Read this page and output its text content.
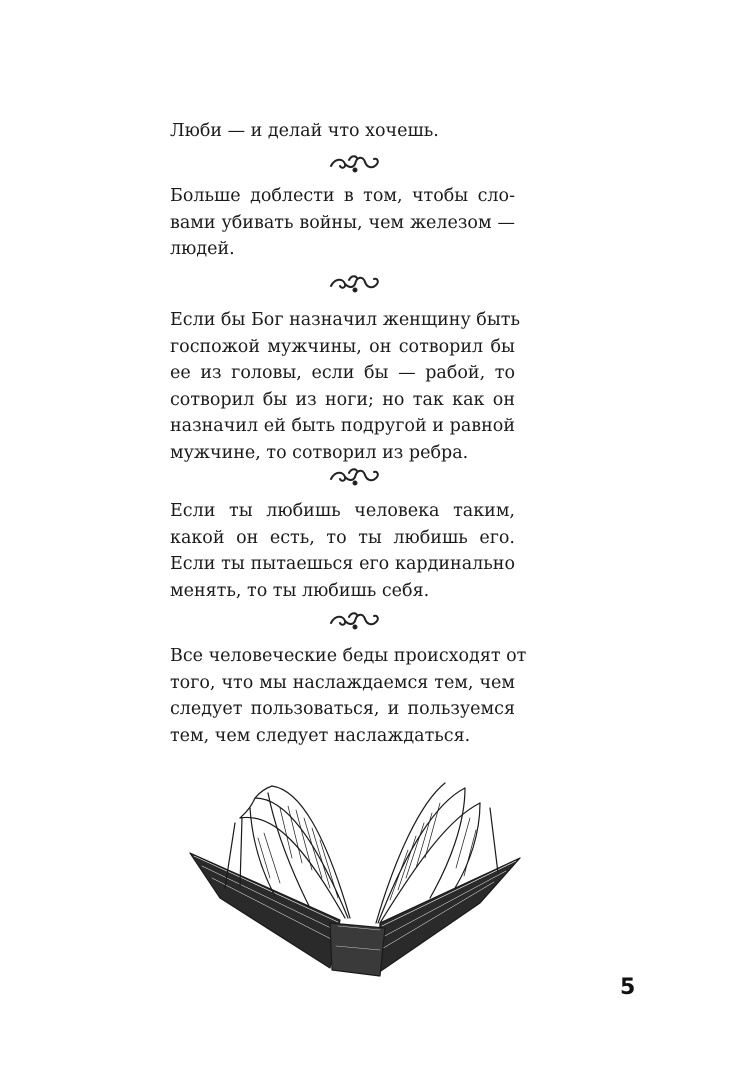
Люби — и делай что хочешь.

Больше доблести в том, чтобы сло-
вами убивать войны, чем железом —
людей.

Если бы Бог назначил женщину быть
госпожой мужчины, он сотворил бы
ее из головы, если бы — рабой, то
сотворил бы из ноги; но так как он
назначил ей быть подругой и равной
мужчине, то сотворил из ребра.

Если ты любишь человека таким,
какой он есть, то ты любишь его.
Если ты пытаешься его кардинально
менять, то ты любишь себя.

Все человеческие беды происходят от
того, что мы наслаждаемся тем, чем
следует пользоваться, и пользуемся
тем, чем следует наслаждаться.

5
